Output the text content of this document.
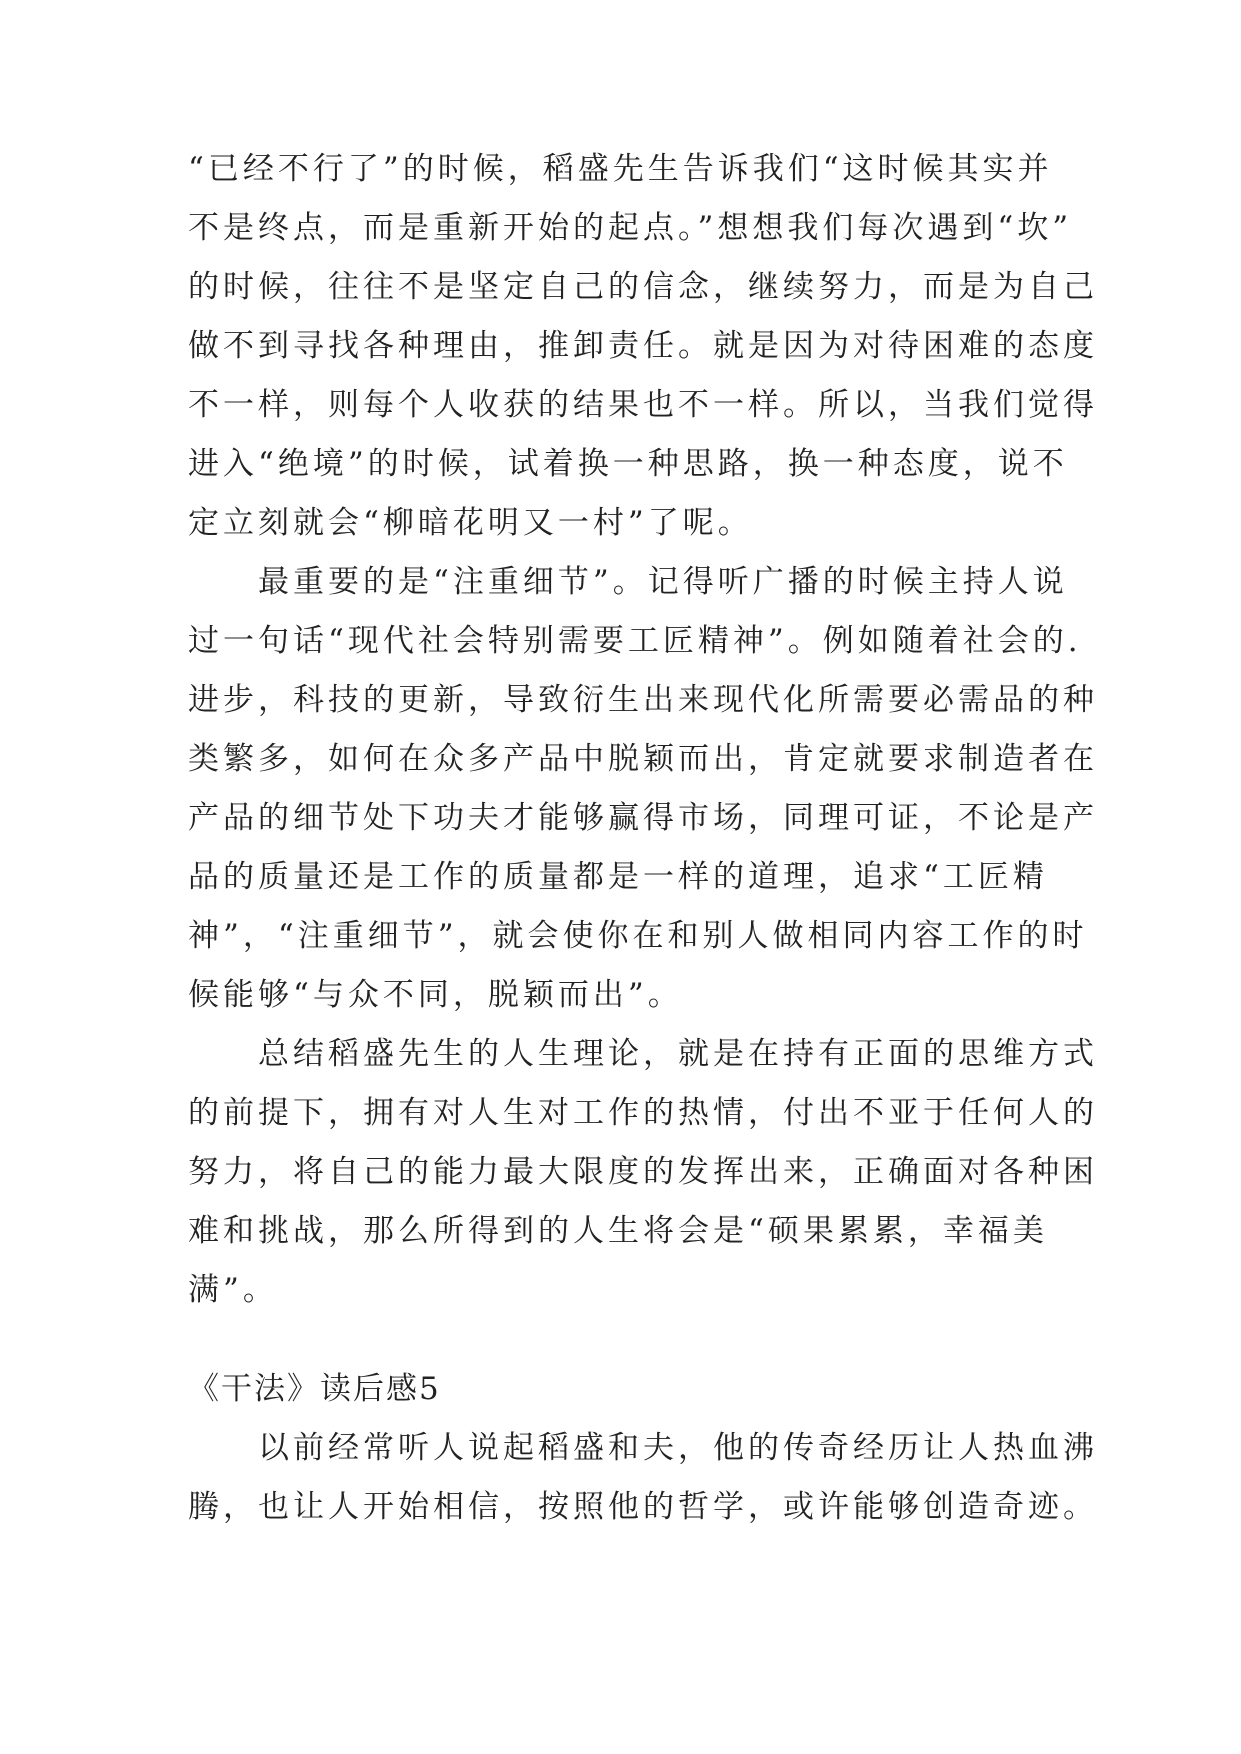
“已经不行了”的时候，稻盛先生告诉我们“这时候其实并
不是终点，而是重新开始的起点。”想想我们每次遇到“坎”
的时候，往往不是坚定自己的信念，继续努力，而是为自己
做不到寻找各种理由，推卸责任。就是因为对待困难的态度
不一样，则每个人收获的结果也不一样。所以，当我们觉得
进入“绝境”的时候，试着换一种思路，换一种态度，说不
定立刻就会“柳暗花明又一村”了呢。
最重要的是“注重细节”。记得听广播的时候主持人说
过一句话“现代社会特别需要工匠精神”。例如随着社会的.
进步，科技的更新，导致衍生出来现代化所需要必需品的种
类繁多，如何在众多产品中脱颖而出，肯定就要求制造者在
产品的细节处下功夫才能够赢得市场，同理可证，不论是产
品的质量还是工作的质量都是一样的道理，追求“工匠精
神”，“注重细节”，就会使你在和别人做相同内容工作的时
候能够“与众不同，脱颖而出”。
总结稻盛先生的人生理论，就是在持有正面的思维方式
的前提下，拥有对人生对工作的热情，付出不亚于任何人的
努力，将自己的能力最大限度的发挥出来，正确面对各种困
难和挑战，那么所得到的人生将会是“硕果累累，幸福美
满”。
《干法》读后感5
以前经常听人说起稻盛和夫，他的传奇经历让人热血沸
腾，也让人开始相信，按照他的哲学，或许能够创造奇迹。
